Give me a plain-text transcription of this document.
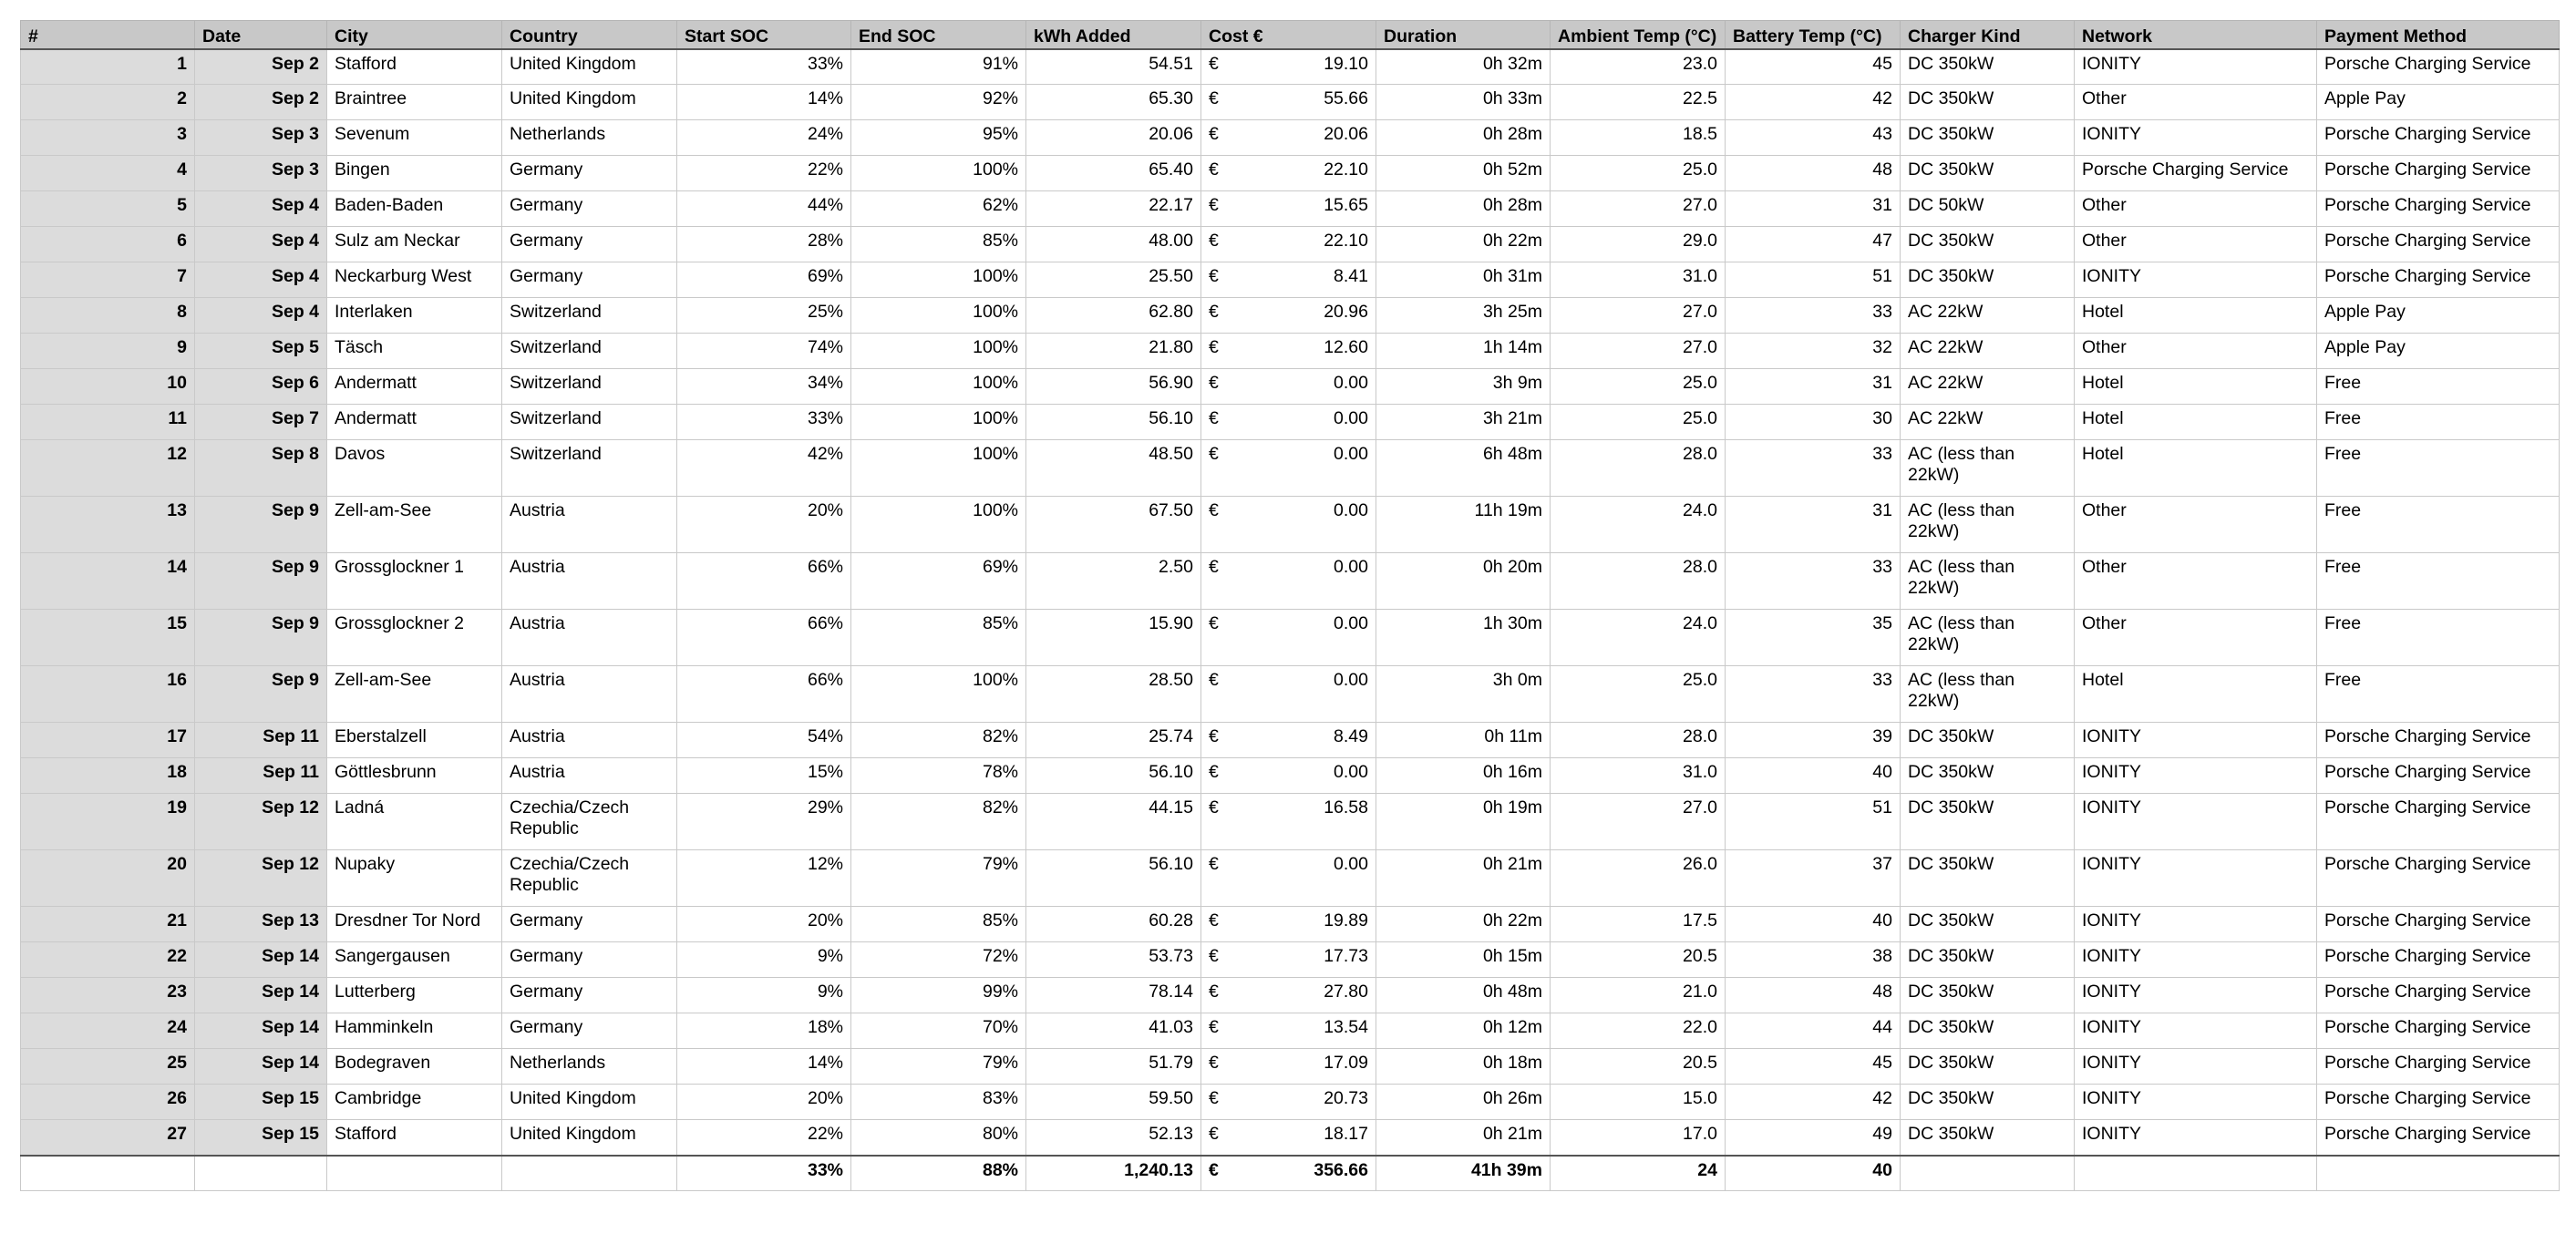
#	Date	City	Country	Start SOC	End SOC	kWh Added	Cost €	Duration	Ambient Temp (°C)	Battery Temp (°C)	Charger Kind	Network	Payment Method
1	Sep 2	Stafford	United Kingdom	33%	91%	54.51	€ 19.10	0h 32m	23.0	45	DC 350kW	IONITY	Porsche Charging Service
2	Sep 2	Braintree	United Kingdom	14%	92%	65.30	€ 55.66	0h 33m	22.5	42	DC 350kW	Other	Apple Pay
3	Sep 3	Sevenum	Netherlands	24%	95%	20.06	€ 20.06	0h 28m	18.5	43	DC 350kW	IONITY	Porsche Charging Service
4	Sep 3	Bingen	Germany	22%	100%	65.40	€ 22.10	0h 52m	25.0	48	DC 350kW	Porsche Charging Service	Porsche Charging Service
5	Sep 4	Baden-Baden	Germany	44%	62%	22.17	€ 15.65	0h 28m	27.0	31	DC 50kW	Other	Porsche Charging Service
6	Sep 4	Sulz am Neckar	Germany	28%	85%	48.00	€ 22.10	0h 22m	29.0	47	DC 350kW	Other	Porsche Charging Service
7	Sep 4	Neckarburg West	Germany	69%	100%	25.50	€ 8.41	0h 31m	31.0	51	DC 350kW	IONITY	Porsche Charging Service
8	Sep 4	Interlaken	Switzerland	25%	100%	62.80	€ 20.96	3h 25m	27.0	33	AC 22kW	Hotel	Apple Pay
9	Sep 5	Täsch	Switzerland	74%	100%	21.80	€ 12.60	1h 14m	27.0	32	AC 22kW	Other	Apple Pay
10	Sep 6	Andermatt	Switzerland	34%	100%	56.90	€ 0.00	3h 9m	25.0	31	AC 22kW	Hotel	Free
11	Sep 7	Andermatt	Switzerland	33%	100%	56.10	€ 0.00	3h 21m	25.0	30	AC 22kW	Hotel	Free
12	Sep 8	Davos	Switzerland	42%	100%	48.50	€ 0.00	6h 48m	28.0	33	AC (less than 22kW)	Hotel	Free
13	Sep 9	Zell-am-See	Austria	20%	100%	67.50	€ 0.00	11h 19m	24.0	31	AC (less than 22kW)	Other	Free
14	Sep 9	Grossglockner 1	Austria	66%	69%	2.50	€ 0.00	0h 20m	28.0	33	AC (less than 22kW)	Other	Free
15	Sep 9	Grossglockner 2	Austria	66%	85%	15.90	€ 0.00	1h 30m	24.0	35	AC (less than 22kW)	Other	Free
16	Sep 9	Zell-am-See	Austria	66%	100%	28.50	€ 0.00	3h 0m	25.0	33	AC (less than 22kW)	Hotel	Free
17	Sep 11	Eberstalzell	Austria	54%	82%	25.74	€ 8.49	0h 11m	28.0	39	DC 350kW	IONITY	Porsche Charging Service
18	Sep 11	Göttlesbrunn	Austria	15%	78%	56.10	€ 0.00	0h 16m	31.0	40	DC 350kW	IONITY	Porsche Charging Service
19	Sep 12	Ladná	Czechia/Czech Republic	29%	82%	44.15	€ 16.58	0h 19m	27.0	51	DC 350kW	IONITY	Porsche Charging Service
20	Sep 12	Nupaky	Czechia/Czech Republic	12%	79%	56.10	€ 0.00	0h 21m	26.0	37	DC 350kW	IONITY	Porsche Charging Service
21	Sep 13	Dresdner Tor Nord	Germany	20%	85%	60.28	€ 19.89	0h 22m	17.5	40	DC 350kW	IONITY	Porsche Charging Service
22	Sep 14	Sangergausen	Germany	9%	72%	53.73	€ 17.73	0h 15m	20.5	38	DC 350kW	IONITY	Porsche Charging Service
23	Sep 14	Lutterberg	Germany	9%	99%	78.14	€ 27.80	0h 48m	21.0	48	DC 350kW	IONITY	Porsche Charging Service
24	Sep 14	Hamminkeln	Germany	18%	70%	41.03	€ 13.54	0h 12m	22.0	44	DC 350kW	IONITY	Porsche Charging Service
25	Sep 14	Bodegraven	Netherlands	14%	79%	51.79	€ 17.09	0h 18m	20.5	45	DC 350kW	IONITY	Porsche Charging Service
26	Sep 15	Cambridge	United Kingdom	20%	83%	59.50	€ 20.73	0h 26m	15.0	42	DC 350kW	IONITY	Porsche Charging Service
27	Sep 15	Stafford	United Kingdom	22%	80%	52.13	€ 18.17	0h 21m	17.0	49	DC 350kW	IONITY	Porsche Charging Service
				33%	88%	1,240.13	€ 356.66	41h 39m	24	40			
